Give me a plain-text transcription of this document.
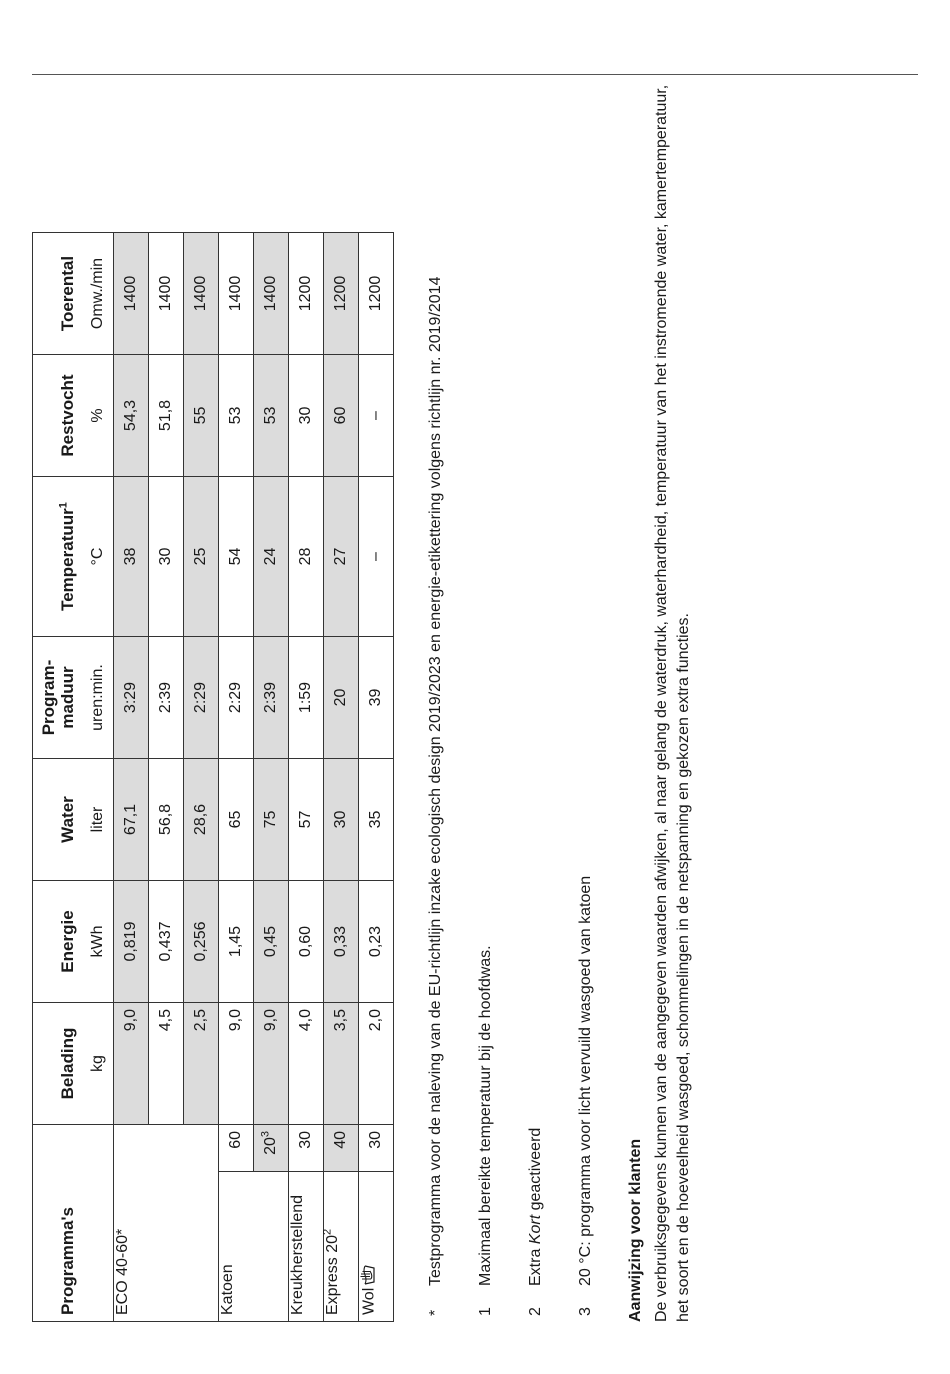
Programma's		Belading	Energie	Water	Program- maduur	Temperatuur$^1$	Restvocht	Toerental

		kg	kWh	liter	uren:min.	°C	%	Omw./min
ECO 40-60*		9,0	0,819	67,1	3:29	38	54,3	1400
		4,5	0,437	56,8	2:39	30	51,8	1400
		2,5	0,256	28,6	2:29	25	55	1400
Katoen	60	9,0	1,45	65	2:29	54	53	1400
	$20^3$	9,0	0,45	75	2:39	24	53	1400
Kreukherstellend	30	4,0	0,60	57	1:59	28	30	1200
Express $20^2$	40	3,5	0,33	30	20	27	60	1200
Wol	30	2,0	0,23	35	39	–	–	1200

*
Testprogramma voor de naleving van de EU-richtlijn inzake ecologisch design 2019/2023 en energie-etikettering volgens richtlijn nr. 2019/2014

1
Maximaal bereikte temperatuur bij de hoofdwas.

2
Extra Kort geactiveerd

3
20 °C: programma voor licht vervuild wasgoed van katoen Aanwijzing voor klanten De verbruiksgegevens kunnen van de aangegeven waarden afwijken, al naar gelang de waterdruk, waterhardheid, temperatuur van het instromende water, kamertemperatuur, het soort en de hoeveelheid wasgoed, schommelingen in de netspanning en gekozen extra functies.
